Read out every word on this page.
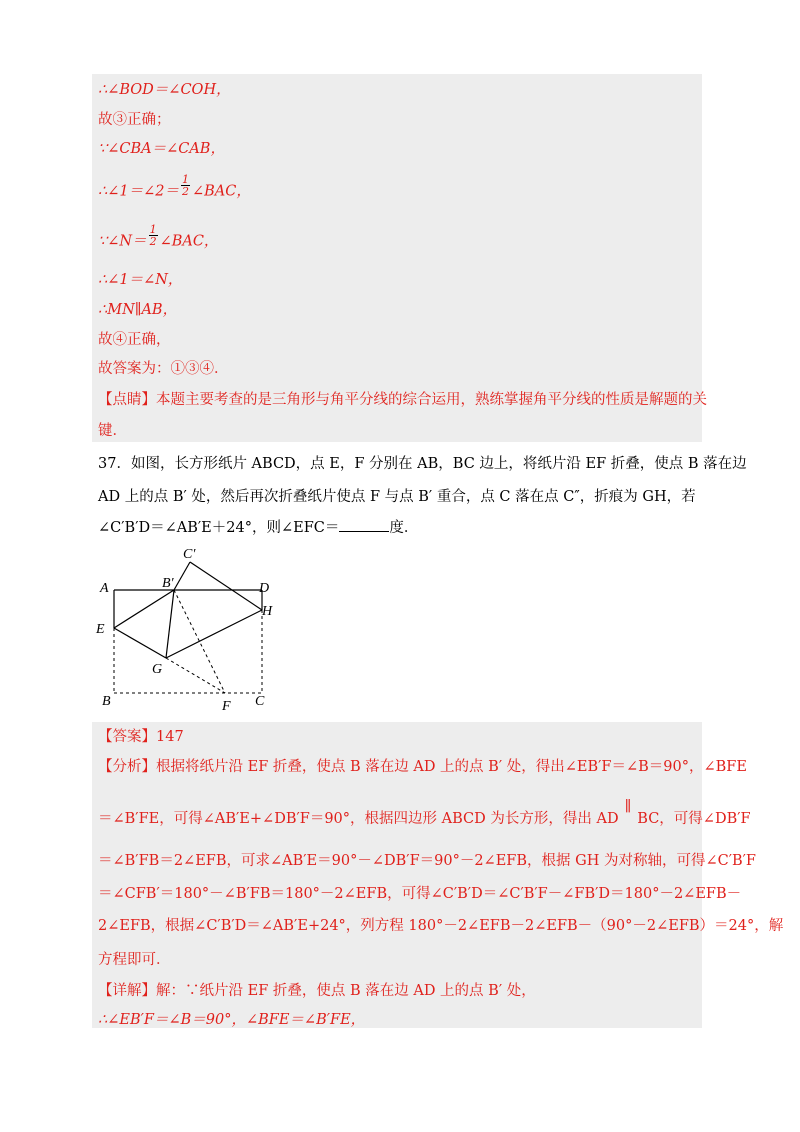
∴∠BOD＝∠COH，
故③正确；
∵∠CBA＝∠CAB，
∴∠1＝∠2＝ $\frac{1}{2}$ ∠BAC，
∵∠N＝ $\frac{1}{2}$ ∠BAC，
∴∠1＝∠N，
∴MN∥AB，
故④正确，
故答案为：①③④．
【点睛】本题主要考查的是三角形与角平分线的综合运用，熟练掌握角平分线的性质是解题的关
键．
37．如图，长方形纸片 ABCD，点 E，F 分别在 AB，BC 边上，将纸片沿 EF 折叠，使点 B 落在边
AD 上的点 B′ 处，然后再次折叠纸片使点 F 与点 B′ 重合，点 C 落在点 C″，折痕为 GH，若
∠C′B′D＝∠AB′E＋24°，则∠EFC＝	度．
A	B′
C′
D
H
E
G
B	F C
【答案】147
【分析】根据将纸片沿 EF 折叠，使点 B 落在边 AD 上的点 B′ 处，得出∠EB′F＝∠B＝90°，∠BFE
＝∠B′FE，可得∠AB′E+∠DB′F＝90°，根据四边形 ABCD 为长方形，得出 AD∥BC，可得∠DB′F
＝∠B′FB＝2∠EFB，可求∠AB′E＝90°－∠DB′F＝90°－2∠EFB，根据 GH 为对称轴，可得∠C′B′F
＝∠CFB′＝180°－∠B′FB＝180°－2∠EFB，可得∠C′B′D＝∠C′B′F－∠FB′D＝180°－2∠EFB－
2∠EFB，根据∠C′B′D＝∠AB′E+24°，列方程 180°－2∠EFB－2∠EFB－（90°－2∠EFB）＝24°，解
方程即可．
【详解】解：∵纸片沿 EF 折叠，使点 B 落在边 AD 上的点 B′ 处，
∴∠EB′F＝∠B＝90°，∠BFE＝∠B′FE，
